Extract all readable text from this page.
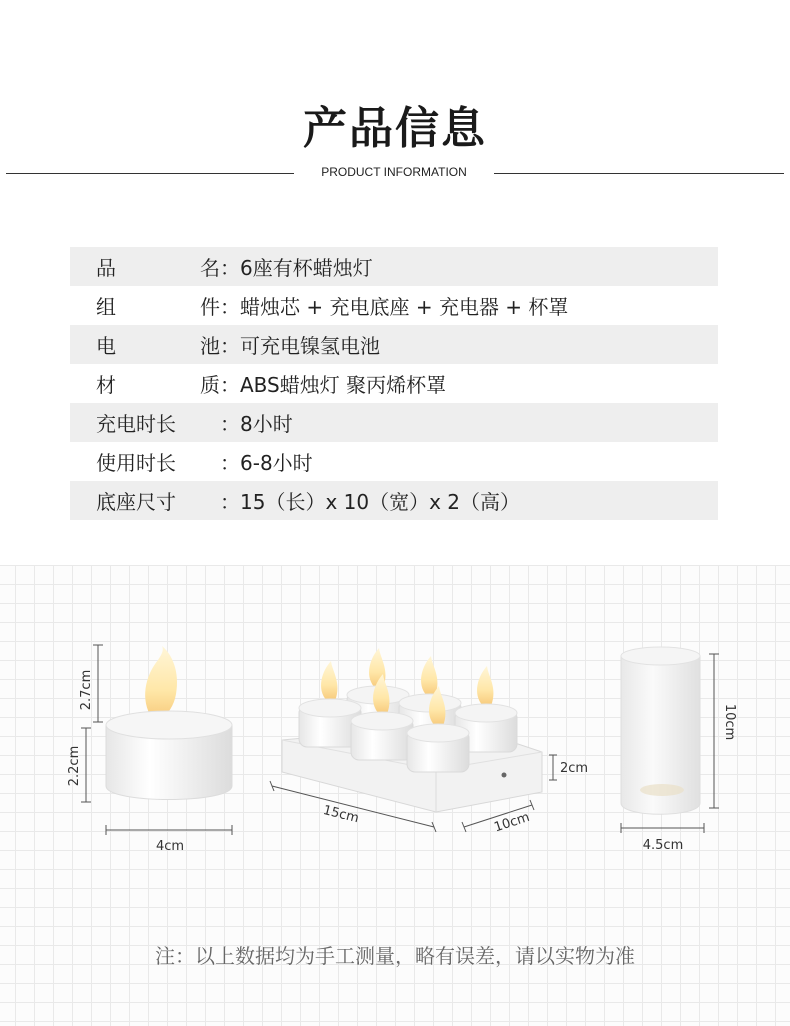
产品信息
PRODUCT INFORMATION
品	名 ： 6座有杯蜡烛灯
组	件 ： 蜡烛芯 + 充电底座 + 充电器 + 杯罩
电	池 ： 可充电镍氢电池
材	质 ： ABS蜡烛灯 聚丙烯杯罩
充电时长 ： 8小时
使用时长 ： 6-8小时
底座尺寸 ： 15（长）x 10（宽）x 2（高）
2.7cm
2.2cm
4cm
15cm	10cm
2cm
10cm
4.5cm
注：以上数据均为手工测量，略有误差，请以实物为准
